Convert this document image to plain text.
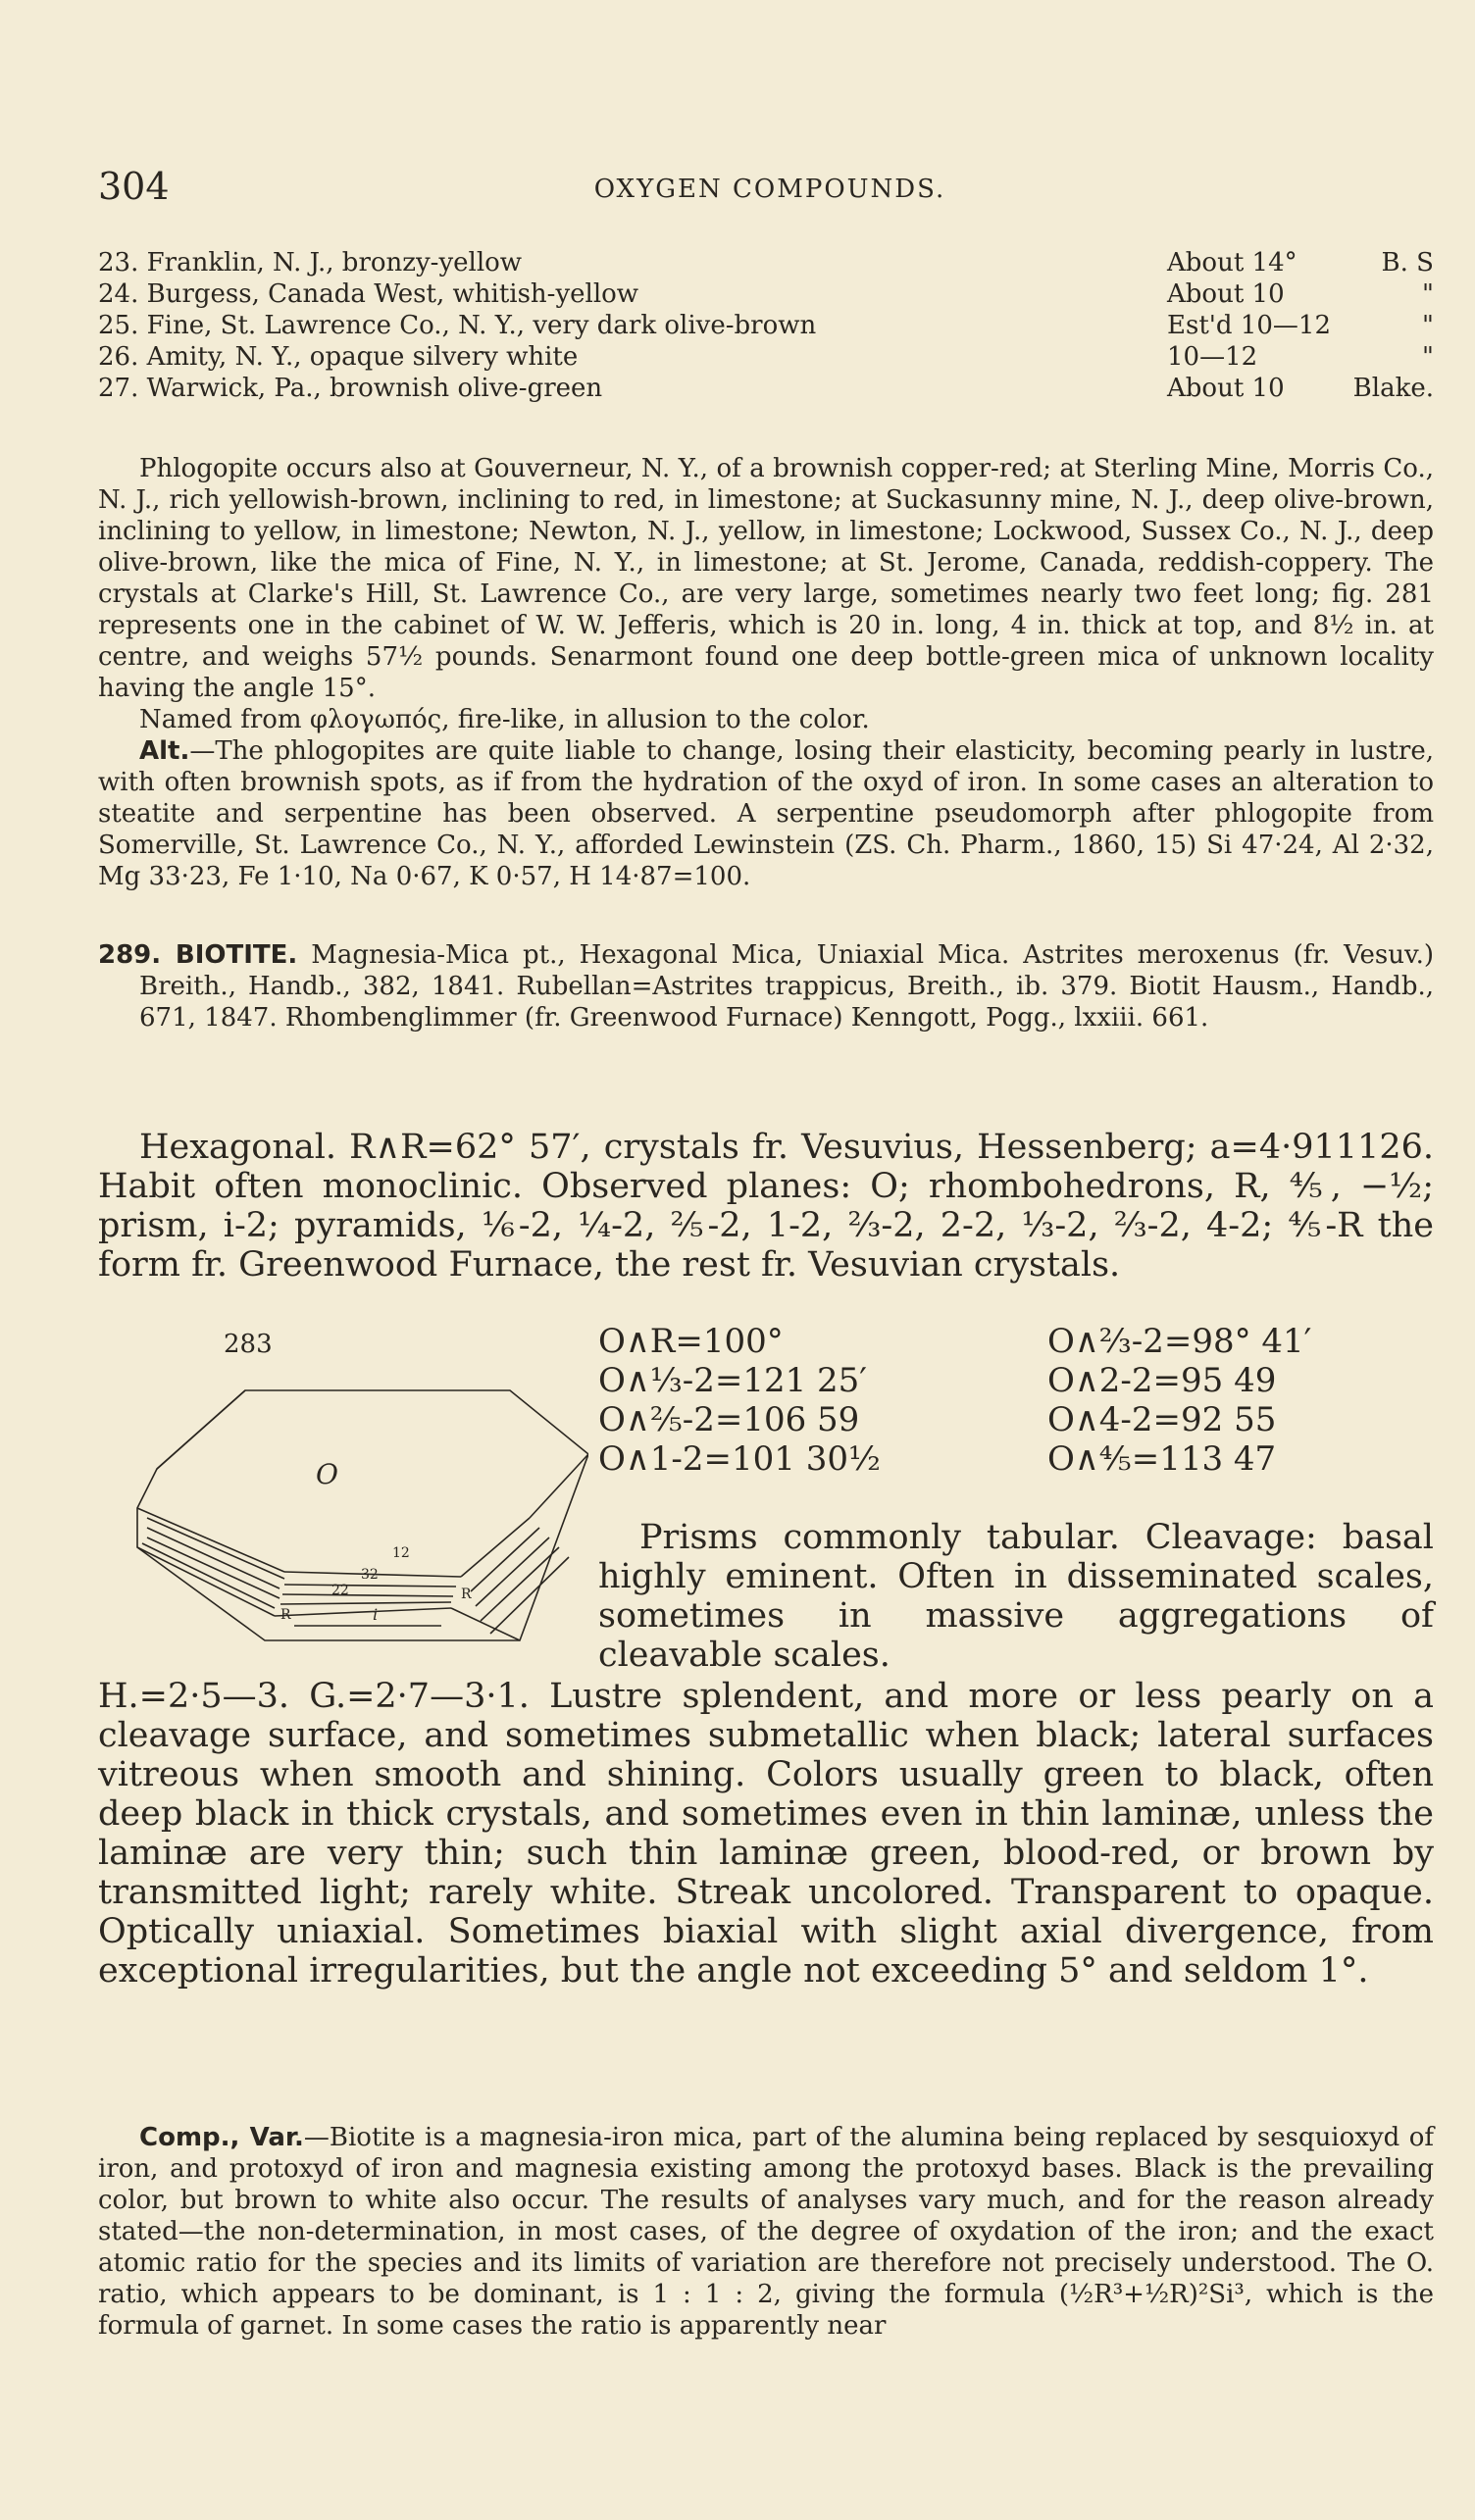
304	OXYGEN COMPOUNDS.
23. Franklin, N. J., bronzy-yellow	About 14°	B. S
24. Burgess, Canada West, whitish-yellow	About 10	"
25. Fine, St. Lawrence Co., N. Y., very dark olive-brown	Est'd 10—12	"
26. Amity, N. Y., opaque silvery white	10—12	"
27. Warwick, Pa., brownish olive-green	About 10	Blake.

Phlogopite occurs also at Gouverneur, N. Y., of a brownish copper-red; at Sterling Mine, Morris Co., N. J., rich yellowish-brown, inclining to red, in limestone; at Suckasunny mine, N. J., deep olive-brown, inclining to yellow, in limestone; Newton, N. J., yellow, in limestone; Lockwood, Sussex Co., N. J., deep olive-brown, like the mica of Fine, N. Y., in limestone; at St. Jerome, Canada, reddish-coppery. The crystals at Clarke's Hill, St. Lawrence Co., are very large, sometimes nearly two feet long; fig. 281 represents one in the cabinet of W. W. Jefferis, which is 20 in. long, 4 in. thick at top, and 8½ in. at centre, and weighs 57½ pounds. Senarmont found one deep bottle-green mica of unknown locality having the angle 15°.

Named from φλογωπός, fire-like, in allusion to the color.

Alt.—The phlogopites are quite liable to change, losing their elasticity, becoming pearly in lustre, with often brownish spots, as if from the hydration of the oxyd of iron. In some cases an alteration to steatite and serpentine has been observed. A serpentine pseudomorph after phlogopite from Somerville, St. Lawrence Co., N. Y., afforded Lewinstein (ZS. Ch. Pharm., 1860, 15) Si 47·24, Al 2·32, Mg 33·23, Fe 1·10, Na 0·67, K 0·57, H 14·87=100.

289. BIOTITE. Magnesia-Mica pt., Hexagonal Mica, Uniaxial Mica. Astrites meroxenus (fr. Vesuv.) Breith., Handb., 382, 1841. Rubellan=Astrites trappicus, Breith., ib. 379. Biotit Hausm., Handb., 671, 1847. Rhombenglimmer (fr. Greenwood Furnace) Kenngott, Pogg., lxxiii. 661.

Hexagonal. R∧R=62° 57′, crystals fr. Vesuvius, Hessenberg; a=4·911126. Habit often monoclinic. Observed planes: O; rhombohedrons, R, ⅘, −½; prism, i-2; pyramids, ⅙-2, ¼-2, ⅖-2, 1-2, ⅔-2, 2-2, ⅓-2, ⅔-2, 4-2; ⅘-R the form fr. Greenwood Furnace, the rest fr. Vesuvian crystals.

283
O
R
R	i
12
32
22
O∧R=100°	O∧⅔-2=98° 41′
O∧⅓-2=121 25′	O∧2-2=95 49
O∧⅖-2=106 59	O∧4-2=92 55
O∧1-2=101 30½	O∧⅘=113 47

Prisms commonly tabular. Cleavage: basal highly eminent. Often in disseminated scales, sometimes in massive aggregations of cleavable scales.

H.=2·5—3. G.=2·7—3·1. Lustre splendent, and more or less pearly on a cleavage surface, and sometimes submetallic when black; lateral surfaces vitreous when smooth and shining. Colors usually green to black, often deep black in thick crystals, and sometimes even in thin laminæ, unless the laminæ are very thin; such thin laminæ green, blood-red, or brown by transmitted light; rarely white. Streak uncolored. Transparent to opaque. Optically uniaxial. Sometimes biaxial with slight axial divergence, from exceptional irregularities, but the angle not exceeding 5° and seldom 1°.

Comp., Var.—Biotite is a magnesia-iron mica, part of the alumina being replaced by sesquioxyd of iron, and protoxyd of iron and magnesia existing among the protoxyd bases. Black is the prevailing color, but brown to white also occur. The results of analyses vary much, and for the reason already stated—the non-determination, in most cases, of the degree of oxydation of the iron; and the exact atomic ratio for the species and its limits of variation are therefore not precisely understood. The O. ratio, which appears to be dominant, is 1 : 1 : 2, giving the formula (½R³+½R)²Si³, which is the formula of garnet. In some cases the ratio is apparently near
